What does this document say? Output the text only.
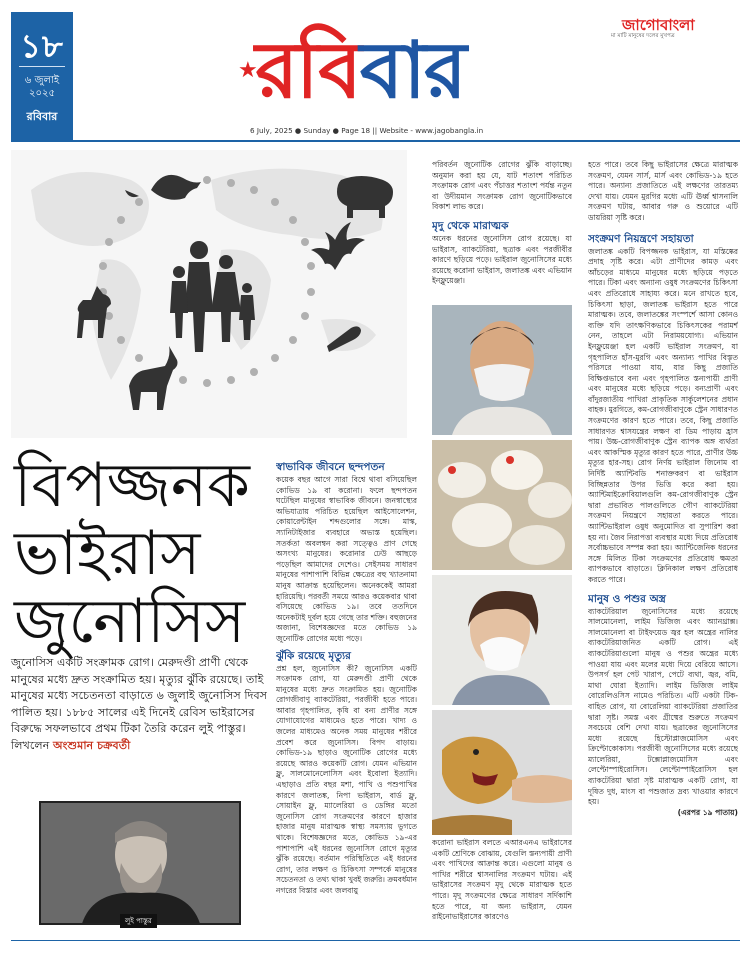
১৮
৬ জুলাই
২০২৫
রবিবার
রবিবার
★
6 July, 2025 ● Sunday ● Page 18 || Website - www.jagobangla.in
জাগোবাংলা
মা মাটি মানুষের দলের মুখপত্র
বিপজ্জনক
ভাইরাস
জুনোসিস
জুনোসিস একটি সংক্রামক রোগ। মেরুদণ্ডী প্রাণী থেকে মানুষের মধ্যে দ্রুত সংক্রামিত হয়। মৃত্যুর ঝুঁকি রয়েছে। তাই মানুষের মধ্যে সচেতনতা বাড়াতে ৬ জুলাই জুনোসিস দিবস পালিত হয়। ১৮৮৫ সালের এই দিনেই রেবিস ভাইরাসের বিরুদ্ধে সফলভাবে প্রথম টিকা তৈরি করেন লুই পাস্তুর। লিখলেন অংশুমান চক্রবর্তী
লুই পাস্তুর
স্বাভাবিক জীবনে ছন্দপতন

কয়েক বছর আগে সারা বিশ্বে থাবা বসিয়েছিল কোভিড ১৯ বা করোনা। ফলে ছন্দপতন ঘটেছিল মানুষের স্বাভাবিক জীবনে। জনস্বাস্থ্যের অভিযাত্রায় পরিচিত হয়েছিল আইসোলেশন, কোয়ারেন্টাইন শব্দগুলোর সঙ্গে। মাস্ক, স্যানিটাইজার ব্যবহারে অভ্যস্ত হয়েছিল। সতর্কতা অবলম্বন করা সত্ত্বেও প্রাণ গেছে অসংখ্য মানুষের। করোনার ঢেউ আছড়ে পড়েছিল আমাদের দেশেও। সেইসময় সাধারণ মানুষের পাশাপাশি বিভিন্ন ক্ষেত্রের বহু খ্যাতনামা মানুষ আক্রান্ত হয়েছিলেন। অনেককেই আমরা হারিয়েছি। পরবর্তী সময়ে আরও কয়েকবার থাবা বসিয়েছে কোভিড ১৯। তবে ততদিনে অনেকটাই দুর্বল হয়ে গেছে তার শক্তি। বহুজনের অজানা, বিশেষজ্ঞদের মতে কোভিড ১৯ জুনোটিক রোগের মধ্যে পড়ে।

ঝুঁকি রয়েছে মৃত্যুর

প্রশ্ন হল, জুনোসিস কী? জুনোসিস একটি সংক্রামক রোগ, যা মেরুদণ্ডী প্রাণী থেকে মানুষের মধ্যে দ্রুত সংক্রামিত হয়। জুনোটিক রোগজীবাণু ব্যাকটেরিয়া, পরজীবী হতে পারে। আবার গৃহপালিত, কৃষি বা বন্য প্রাণীর সঙ্গে যোগাযোগের মাধ্যমেও হতে পারে। খাদ্য ও জলের মাধ্যমেও অনেক সময় মানুষের শরীরে প্রবেশ করে জুনোসিস। বিপদ বাড়ায়। কোভিড-১৯ ছাড়াও জুনোটিক রোগের মধ্যে রয়েছে আরও কয়েকটি রোগ। যেমন এভিয়ান ফ্লু, সালমোনেলোসিস এবং ইবোলা ইত্যাদি। এছাড়াও প্রতি বছর মশা, পাখি ও পশুপাখির কারণে জলাতঙ্ক, নিপা ভাইরাস, বার্ড ফ্লু, সোয়াইন ফ্লু, ম্যালেরিয়া ও ডেঙ্গির মতো জুনোসিস রোগ সংক্রমণের কারণে হাজার হাজার মানুষ মারাত্মক স্বাস্থ্য সমস্যায় ভুগতে থাকে। বিশেষজ্ঞদের মতে, কোভিড ১৯-এর পাশাপাশি এই ধরনের জুনোসিস রোগে মৃত্যুর ঝুঁকি রয়েছে। বর্তমান পরিস্থিতিতে এই ধরনের রোগ, তার লক্ষণ ও চিকিৎসা সম্পর্কে মানুষের সচেতনতা ও তথ্য থাকা খুবই জরুরি। ক্রমবর্ধমান নগরের বিস্তার এবং জলবায়ু

পরিবর্তন জুনোটিক রোগের ঝুঁকি বাড়াচ্ছে। অনুমান করা হয় যে, যাট শতাংশ পরিচিত সংক্রামক রোগ এবং পঁচাত্তর শতাংশ পর্যন্ত নতুন বা উদীয়মান সংক্রামক রোগ জুনোটিকভাবে বিকাশ লাভ করে।

মৃদু থেকে মারাত্মক

অনেক ধরনের জুনোসিস রোগ রয়েছে। যা ভাইরাস, ব্যাকটেরিয়া, ছত্রাক এবং পরজীবীর কারণে ছড়িয়ে পড়ে। ভাইরাল জুনোসিসের মধ্যে রয়েছে করোনা ভাইরাস, জলাতঙ্ক এবং এভিয়ান ইনফ্লুয়েঞ্জা।

করোনা ভাইরাস বলতে এআরএনএ ভাইরাসের একটি শ্রেণিকে বোঝায়, যেগুলি স্তন্যপায়ী প্রাণী এবং পাখিদের আক্রান্ত করে। এগুলো মানুষ ও পাখির শরীরে শ্বাসনালির সংক্রমণ ঘটায়। এই ভাইরাসের সংক্রমণ মৃদু থেকে মারাত্মক হতে পারে। মৃদু সংক্রমণের ক্ষেত্রে সাধারণ সর্দিকাশি হতে পারে, যা অন্য ভাইরাস, যেমন রাইনোভাইরাসের কারণেও

হতে পারে। তবে কিছু ভাইরাসের ক্ষেত্রে মারাত্মক সংক্রমণ, যেমন সার্স, মার্স এবং কোভিড-১৯ হতে পারে। অন্যান্য প্রজাতিতে এই লক্ষণের তারতম্য দেখা যায়। যেমন মুরগির মধ্যে এটি ঊর্ধ্ব শ্বাসনালি সংক্রমণ ঘটায়, আবার গরু ও শুয়োরে এটি ডায়রিয়া সৃষ্টি করে।

সংক্রমণ নিয়ন্ত্রণে সহায়তা

জলাতঙ্ক একটি বিপজ্জনক ভাইরাস, যা মস্তিষ্কের প্রদাহ সৃষ্টি করে। এটা প্রাণীদের কামড় এবং আঁচড়ের মাধ্যমে মানুষের মধ্যে ছড়িয়ে পড়তে পারে। টিকা এবং অন্যান্য ওষুধ সংক্রমণের চিকিৎসা এবং প্রতিরোধে সাহায্য করে। মনে রাখতে হবে, চিকিৎসা ছাড়া, জলাতঙ্ক ভাইরাস হতে পারে মারাত্মক। তবে, জলাতঙ্কের সংস্পর্শে আসা কোনও ব্যক্তি যদি তাৎক্ষণিকভাবে চিকিৎসকের পরামর্শ নেন, তাহলে এটা নিরাময়যোগ্য। এভিয়ান ইনফ্লুয়েঞ্জা হল একটি ভাইরাল সংক্রমণ, যা গৃহপালিত হাঁস-মুরগি এবং অন্যান্য পাখির বিস্তৃত পরিসরে পাওয়া যায়, যার কিছু প্রজাতি বিক্ষিপ্তভাবে বন্য এবং গৃহপালিত স্তন্যপায়ী প্রাণী এবং মানুষের মধ্যে ছড়িয়ে পড়ে। বন্যপ্রাণী এবং বাঁদুরজাতীয় পাখিরা প্রাকৃতিক সার্কুলেশনের প্রধান বাহক। মুরগিতে, কম-রোগজীবাণুকে স্ট্রেন সাধারণত সংক্রমণের কারণ হতে পারে। তবে, কিছু প্রজাতি সাধারণত শ্বাসযন্ত্রের লক্ষণ বা ডিম পাড়ায় হ্রাস পায়। উচ্চ-রোগজীবাণুক স্ট্রেন ব্যাপক অঙ্গ ব্যর্থতা এবং আকস্মিক মৃত্যুর কারণ হতে পারে, প্রাণীর উচ্চ মৃত্যুর হার-সহ। রোগ নির্ণয় ভাইরাল জিনোম বা নির্দিষ্ট অ্যান্টিবডি শনাক্তকরণ বা ভাইরাস বিচ্ছিন্নতার উপর ভিত্তি করে করা হয়। অ্যান্টিমাইক্রোবিয়ালগুলি কম-রোগজীবাণুক স্ট্রেন দ্বারা প্রভাবিত পালগুলিতে গৌণ ব্যাকটেরিয়া সংক্রমণ নিয়ন্ত্রণে সহায়তা করতে পারে। অ্যান্টিভাইরাল ওষুধ অনুমোদিত বা সুপারিশ করা হয় না। জৈব নিরাপত্তা ব্যবস্থার মধ্যে দিয়ে প্রতিরোধ সর্বোচ্চভাবে সম্পন্ন করা হয়। অ্যান্টিজেনিক ধরনের সঙ্গে মিলিত টিকা সংক্রমণের প্রতিরোধ ক্ষমতা ব্যাপকভাবে বাড়াতে। ক্লিনিকাল লক্ষণ প্রতিরোধ করতে পারে।

মানুষ ও পশুর অস্ত্র

ব্যাকটেরিয়াল জুনোসিসের মধ্যে রয়েছে সালমোনেলা, লাইম ডিজিজ এবং অ্যানথ্রাক্স। সালমোনেলা বা টাইফয়েড জ্বর হল অন্ত্রের নালির ব্যাকটেরিয়াজনিত একটি রোগ। এই ব্যাকটেরিয়াগুলো মানুষ ও পশুর অন্ত্রের মধ্যে পাওয়া যায় এবং মলের মধ্যে দিয়ে বেরিয়ে আসে। উপসর্গ হল পেট খারাপ, পেটে ব্যথা, জ্বর, বমি, মাথা ঘোরা ইত্যাদি। লাইম ডিজিজ লাইম বোরেলিওসিস নামেও পরিচিত। এটি একটা টিক-বাহিত রোগ, যা বোরেলিয়া ব্যাকটেরিয়া প্রজাতির দ্বারা সৃষ্ট। সমস্ত এবং গ্রীষ্মের শুরুতে সংক্রমণ সবচেয়ে বেশি দেখা যায়। ছত্রাকের জুনোসিসের মধ্যে রয়েছে হিস্টোপ্লাজমোসিস এবং ক্রিপ্টোকোকাস। পরজীবী জুনোসিসের মধ্যে রয়েছে ম্যালেরিয়া, টক্সোপ্লাজমোসিস এবং লেপ্টোস্পাইরোসিস। লেপ্টোস্পাইরোসিস হল ব্যাকটেরিয়া দ্বারা সৃষ্ট মারাত্মক একটি রোগ, যা দূষিত দুধ, মাংস বা পশুজাত দ্রব্য খাওয়ার কারণে হয়।

(এরপর ১৯ পাতায়)
